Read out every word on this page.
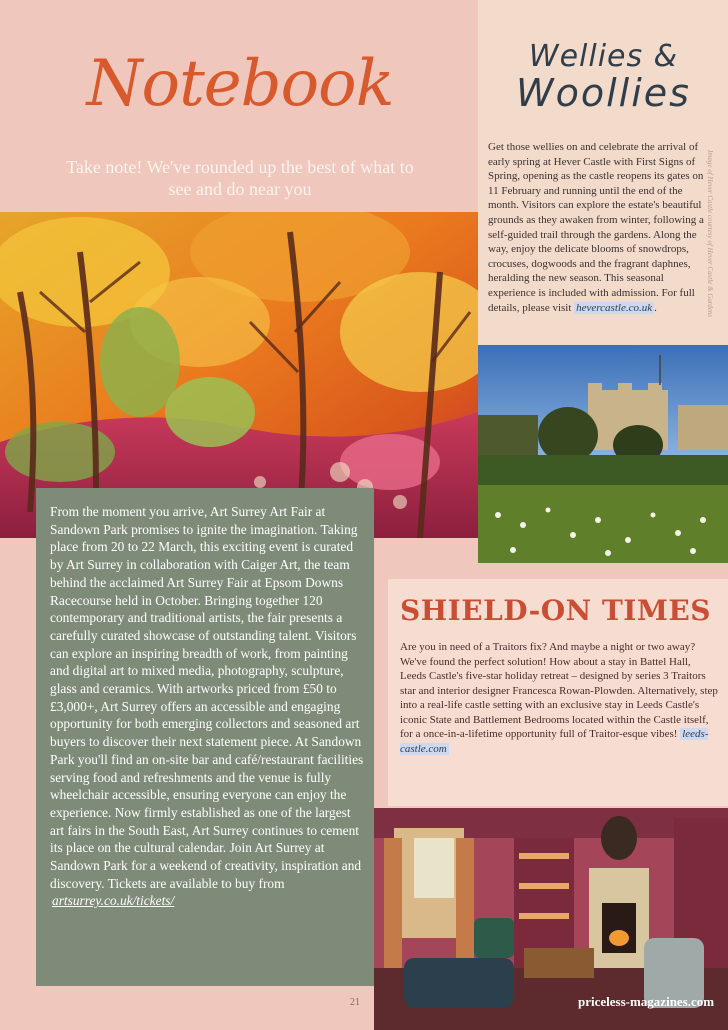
Notebook
Take note! We've rounded up the best of what to see and do near you
Wellies &
Woollies
Get those wellies on and celebrate the arrival of early spring at Hever Castle with First Signs of Spring, opening as the castle reopens its gates on 11 February and running until the end of the month. Visitors can explore the estate's beautiful grounds as they awaken from winter, following a self-guided trail through the gardens. Along the way, enjoy the delicate blooms of snowdrops, crocuses, dogwoods and the fragrant daphnes, heralding the new season. This seasonal experience is included with admission. For full details, please visit hevercastle.co.uk .	Image of Hever Castle courtesy of Hever Castle & Gardens
From the moment you arrive, Art Surrey Art Fair at Sandown Park promises to ignite the imagination. Taking place from 20 to 22 March, this exciting event is curated by Art Surrey in collaboration with Caiger Art, the team behind the acclaimed Art Surrey Fair at Epsom Downs Racecourse held in October. Bringing together 120 contemporary and traditional artists, the fair presents a carefully curated showcase of outstanding talent. Visitors can explore an inspiring breadth of work, from painting and digital art to mixed media, photography, sculpture, glass and ceramics. With artworks priced from £50 to £3,000+, Art Surrey offers an accessible and engaging opportunity for both emerging collectors and seasoned art buyers to discover their next statement piece. At Sandown Park you'll find an on-site bar and café/restaurant facilities serving food and refreshments and the venue is fully wheelchair accessible, ensuring everyone can enjoy the experience. Now firmly established as one of the largest art fairs in the South East, Art Surrey continues to cement its place on the cultural calendar. Join Art Surrey at Sandown Park for a weekend of creativity, inspiration and discovery. Tickets are available to buy from artsurrey.co.uk/tickets/
SHIELD-ON TIMES
Are you in need of a Traitors fix? And maybe a night or two away? We've found the perfect solution! How about a stay in Battel Hall, Leeds Castle's five-star holiday retreat – designed by series 3 Traitors star and interior designer Francesca Rowan-Plowden. Alternatively, step into a real-life castle setting with an exclusive stay in Leeds Castle's iconic State and Battlement Bedrooms located within the Castle itself, for a once-in-a-lifetime opportunity full of Traitor-esque vibes! leeds-castle.com
21	priceless-magazines.com
